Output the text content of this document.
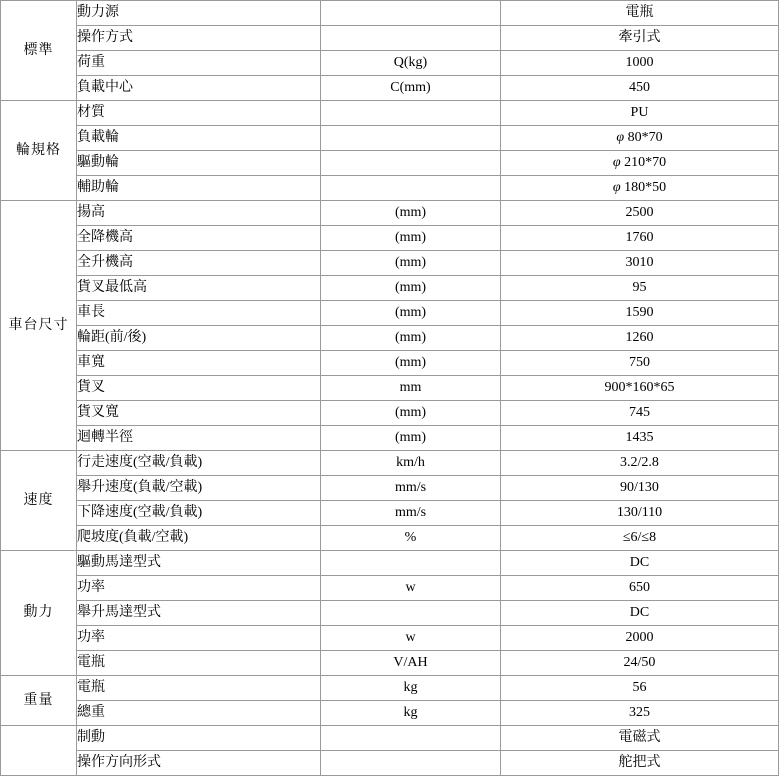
標準	動力源		電瓶
	操作方式		牽引式
	荷重	Q(kg)	1000
	負載中心	C(mm)	450
輪規格	材質		PU
	負載輪		φ 80*70
	驅動輪		φ 210*70
	輔助輪		φ 180*50
車台尺寸	揚高	(mm)	2500
	全降機高	(mm)	1760
	全升機高	(mm)	3010
	貨叉最低高	(mm)	95
	車長	(mm)	1590
	輪距(前/後)	(mm)	1260
	車寬	(mm)	750
	貨叉	mm	900*160*65
	貨叉寬	(mm)	745
	迴轉半徑	(mm)	1435
速度	行走速度(空載/負載)	km/h	3.2/2.8
	舉升速度(負載/空載)	mm/s	90/130
	下降速度(空載/負載)	mm/s	130/110
	爬坡度(負載/空載)	%	≤6/≤8
動力	驅動馬達型式		DC
	功率	w	650
	舉升馬達型式		DC
	功率	w	2000
	電瓶	V/AH	24/50
重量	電瓶	kg	56
	總重	kg	325
	制動		電磁式
	操作方向形式		舵把式
